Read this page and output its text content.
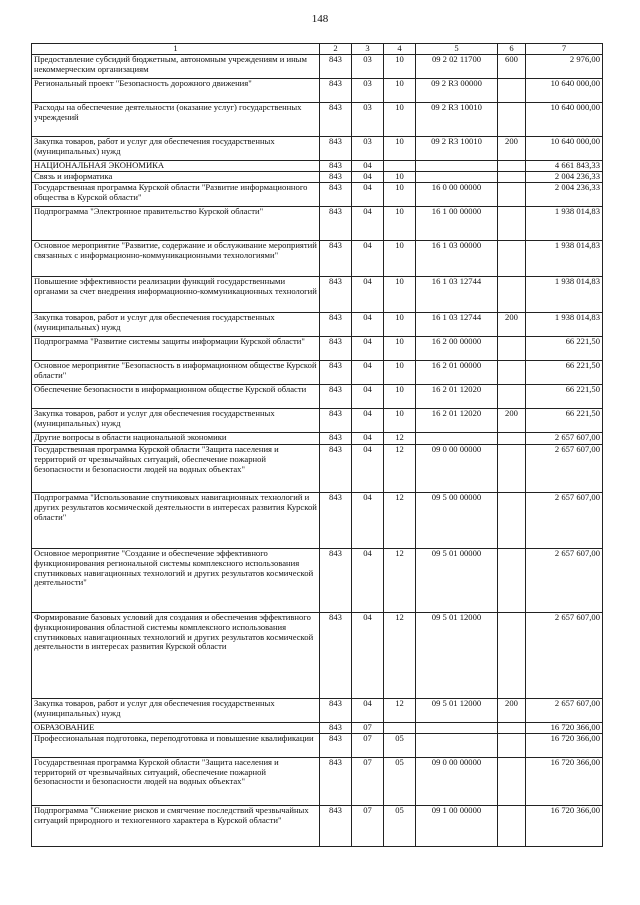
148
1	2	3	4	5	6	7
Предоставление субсидий бюджетным, автономным учреждениям и иным некоммерческим организациям	843	03	10	09 2 02 11700	600	2 976,00
Региональный проект "Безопасность дорожного движения"	843	03	10	09 2 R3 00000		10 640 000,00
Расходы на обеспечение деятельности (оказание услуг) государственных учреждений	843	03	10	09 2 R3 10010		10 640 000,00
Закупка товаров, работ и услуг для обеспечения государственных (муниципальных) нужд	843	03	10	09 2 R3 10010	200	10 640 000,00
НАЦИОНАЛЬНАЯ ЭКОНОМИКА	843	04				4 661 843,33
Связь и информатика	843	04	10			2 004 236,33
Государственная программа Курской области "Развитие информационного общества в Курской области"	843	04	10	16 0 00 00000		2 004 236,33
Подпрограмма "Электронное правительство Курской области"	843	04	10	16 1 00 00000		1 938 014,83
Основное мероприятие "Развитие, содержание и обслуживание мероприятий связанных с информационно-коммуникационными технологиями"	843	04	10	16 1 03 00000		1 938 014,83
Повышение эффективности реализации функций государственными органами за счет внедрения информационно-коммуникационных технологий	843	04	10	16 1 03 12744		1 938 014,83
Закупка товаров, работ и услуг для обеспечения государственных (муниципальных) нужд	843	04	10	16 1 03 12744	200	1 938 014,83
Подпрограмма "Развитие системы защиты информации Курской области"	843	04	10	16 2 00 00000		66 221,50
Основное мероприятие "Безопасность в информационном обществе Курской области"	843	04	10	16 2 01 00000		66 221,50
Обеспечение безопасности в информационном обществе Курской области	843	04	10	16 2 01 12020		66 221,50
Закупка товаров, работ и услуг для обеспечения государственных (муниципальных) нужд	843	04	10	16 2 01 12020	200	66 221,50
Другие вопросы в области национальной экономики	843	04	12			2 657 607,00
Государственная программа Курской области "Защита населения и территорий от чрезвычайных ситуаций, обеспечение пожарной безопасности и безопасности людей на водных объектах"	843	04	12	09 0 00 00000		2 657 607,00
Подпрограмма "Использование спутниковых навигационных технологий и других результатов космической деятельности в интересах развития Курской области"	843	04	12	09 5 00 00000		2 657 607,00
Основное мероприятие "Создание и обеспечение эффективного функционирования региональной системы комплексного использования спутниковых навигационных технологий и других результатов космической деятельности"	843	04	12	09 5 01 00000		2 657 607,00
Формирование базовых условий для создания и обеспечения эффективного функционирования областной системы комплексного использования спутниковых навигационных технологий и других результатов космической деятельности в интересах развития Курской области	843	04	12	09 5 01 12000		2 657 607,00
Закупка товаров, работ и услуг для обеспечения государственных (муниципальных) нужд	843	04	12	09 5 01 12000	200	2 657 607,00
ОБРАЗОВАНИЕ	843	07				16 720 366,00
Профессиональная подготовка, переподготовка и повышение квалификации	843	07	05			16 720 366,00
Государственная программа Курской области "Защита населения и территорий от чрезвычайных ситуаций, обеспечение пожарной безопасности и безопасности людей на водных объектах"	843	07	05	09 0 00 00000		16 720 366,00
Подпрограмма "Снижение рисков и смягчение последствий чрезвычайных ситуаций природного и техногенного характера в Курской области"	843	07	05	09 1 00 00000		16 720 366,00
